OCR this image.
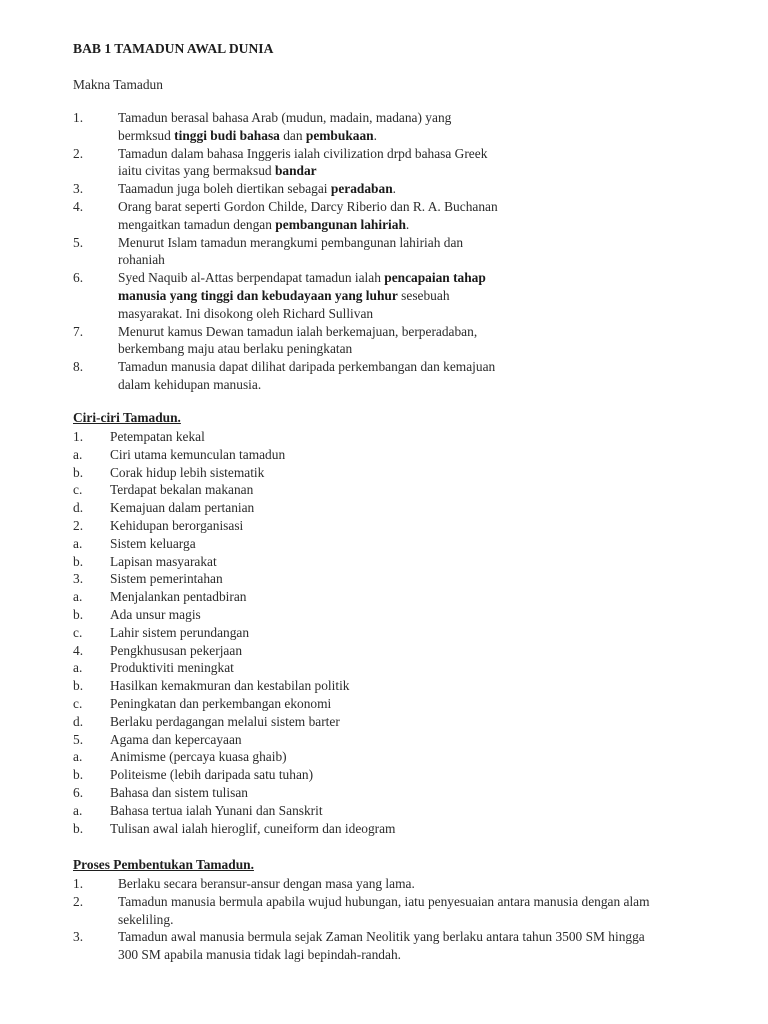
BAB 1 TAMADUN AWAL DUNIA
Makna Tamadun
1.	Tamadun berasal bahasa Arab (mudun, madain, madana) yang
bermksud tinggi budi bahasa dan pembukaan.
2.	Tamadun dalam bahasa Inggeris ialah civilization drpd bahasa Greek
iaitu civitas yang bermaksud bandar
3.	Taamadun juga boleh diertikan sebagai peradaban.
4.	Orang barat seperti Gordon Childe, Darcy Riberio dan R. A. Buchanan
mengaitkan tamadun dengan pembangunan lahiriah.
5.	Menurut Islam tamadun merangkumi pembangunan lahiriah dan
rohaniah
6.	Syed Naquib al-Attas berpendapat tamadun ialah pencapaian tahap
manusia yang tinggi dan kebudayaan yang luhur sesebuah
masyarakat. Ini disokong oleh Richard Sullivan
7.	Menurut kamus Dewan tamadun ialah berkemajuan, berperadaban,
berkembang maju atau berlaku peningkatan
8.	Tamadun manusia dapat dilihat daripada perkembangan dan kemajuan
dalam kehidupan manusia.
Ciri-ciri Tamadun.
1. Petempatan kekal
a. Ciri utama kemunculan tamadun
b. Corak hidup lebih sistematik
c. Terdapat bekalan makanan
d. Kemajuan dalam pertanian
2. Kehidupan berorganisasi
a. Sistem keluarga
b. Lapisan masyarakat
3. Sistem pemerintahan
a. Menjalankan pentadbiran
b. Ada unsur magis
c. Lahir sistem perundangan
4. Pengkhususan pekerjaan
a. Produktiviti meningkat
b. Hasilkan kemakmuran dan kestabilan politik
c. Peningkatan dan perkembangan ekonomi
d. Berlaku perdagangan melalui sistem barter
5. Agama dan kepercayaan
a. Animisme (percaya kuasa ghaib)
b. Politeisme (lebih daripada satu tuhan)
6. Bahasa dan sistem tulisan
a. Bahasa tertua ialah Yunani dan Sanskrit
b. Tulisan awal ialah hieroglif, cuneiform dan ideogram
Proses Pembentukan Tamadun.
1.	Berlaku secara beransur-ansur dengan masa yang lama.
2.	Tamadun manusia bermula apabila wujud hubungan, iatu penyesuaian antara manusia dengan alam
sekeliling.
3.	Tamadun awal manusia bermula sejak Zaman Neolitik yang berlaku antara tahun 3500 SM hingga
300 SM apabila manusia tidak lagi bepindah-randah.
